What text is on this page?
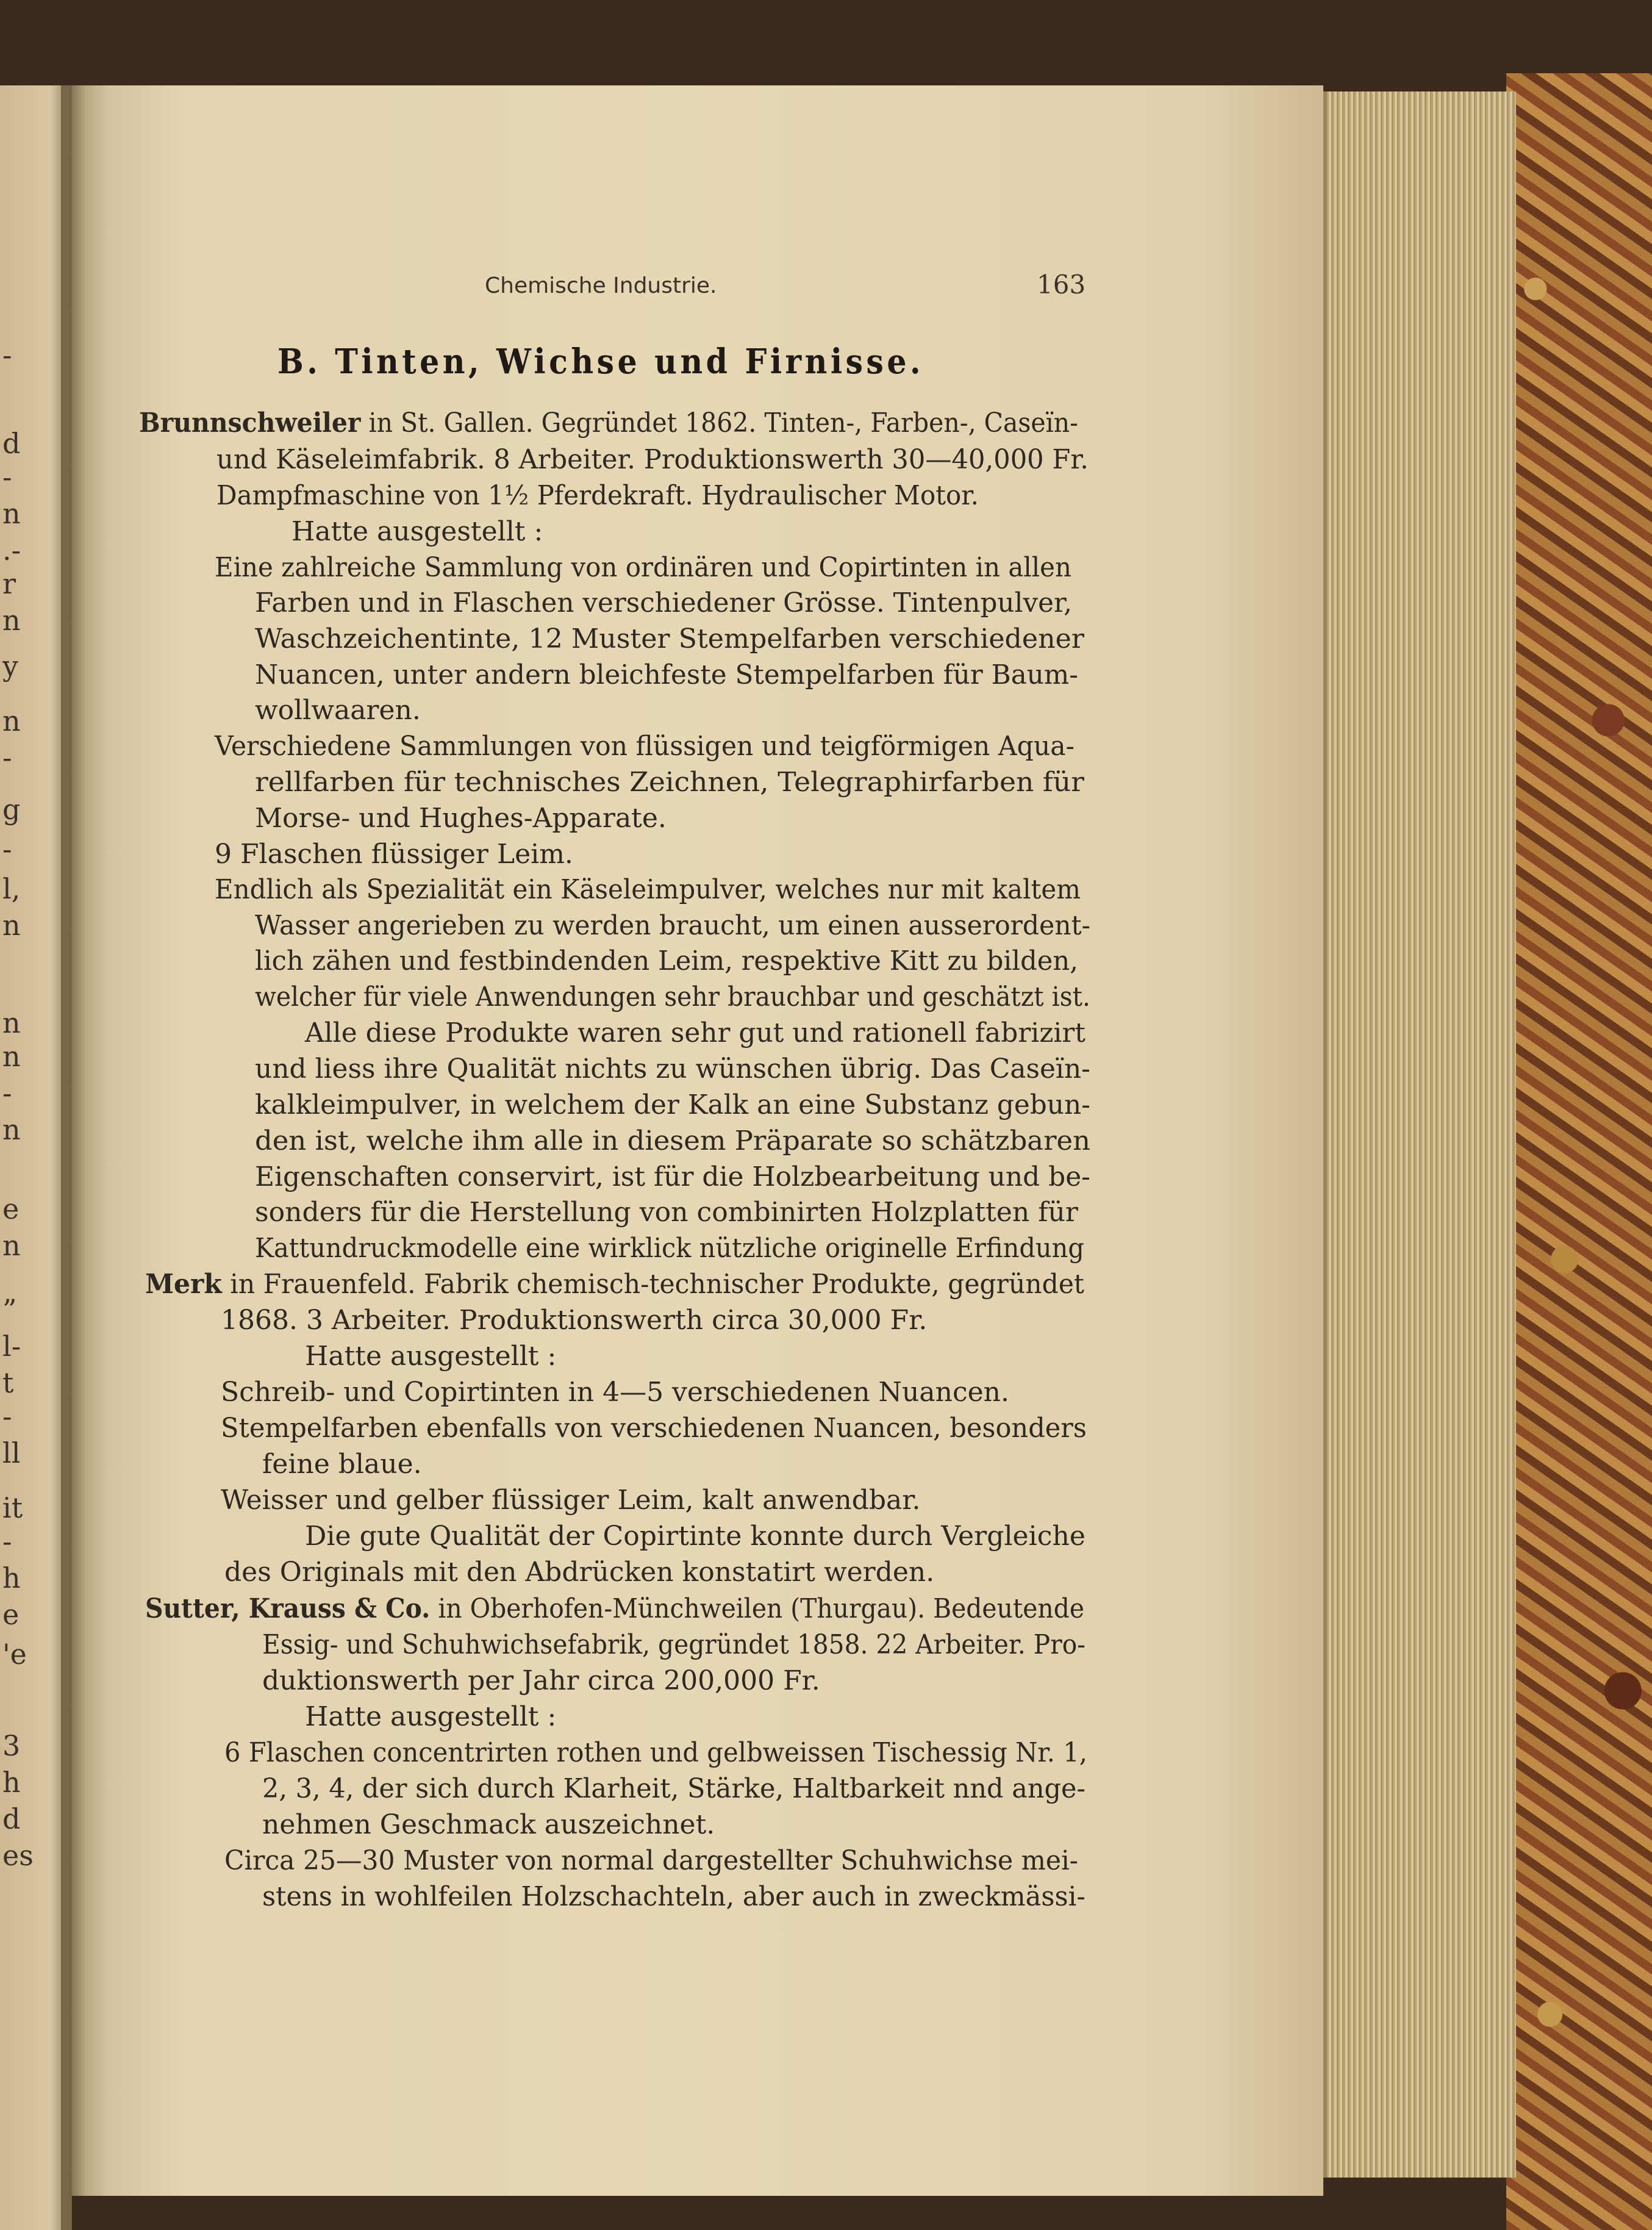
-
d
-
n
.-
r
n
y
n
-
g
-
l,
n
n
n
-
n
e
n
”
l-
t
-
ll
it
-
h
e
'e
3
h
d
es
Chemische Industrie.	163
B. Tinten, Wichse und Firnisse.
Brunnschweiler in St. Gallen. Gegründet 1862. Tinten-, Farben-, Caseïn-
und Käseleimfabrik. 8 Arbeiter. Produktionswerth 30—40,000 Fr.
Dampfmaschine von 1½ Pferdekraft. Hydraulischer Motor.
Hatte ausgestellt :
Eine zahlreiche Sammlung von ordinären und Copirtinten in allen
Farben und in Flaschen verschiedener Grösse. Tintenpulver,
Waschzeichentinte, 12 Muster Stempelfarben verschiedener
Nuancen, unter andern bleichfeste Stempelfarben für Baum-
wollwaaren.
Verschiedene Sammlungen von flüssigen und teigförmigen Aqua-
rellfarben für technisches Zeichnen, Telegraphirfarben für
Morse- und Hughes-Apparate.
9 Flaschen flüssiger Leim.
Endlich als Spezialität ein Käseleimpulver, welches nur mit kaltem
Wasser angerieben zu werden braucht, um einen ausserordent-
lich zähen und festbindenden Leim, respektive Kitt zu bilden,
welcher für viele Anwendungen sehr brauchbar und geschätzt ist.
Alle diese Produkte waren sehr gut und rationell fabrizirt
und liess ihre Qualität nichts zu wünschen übrig. Das Caseïn-
kalkleimpulver, in welchem der Kalk an eine Substanz gebun-
den ist, welche ihm alle in diesem Präparate so schätzbaren
Eigenschaften conservirt, ist für die Holzbearbeitung und be-
sonders für die Herstellung von combinirten Holzplatten für
Kattundruckmodelle eine wirklick nützliche originelle Erfindung
Merk in Frauenfeld. Fabrik chemisch-technischer Produkte, gegründet
1868. 3 Arbeiter. Produktionswerth circa 30,000 Fr.
Hatte ausgestellt :
Schreib- und Copirtinten in 4—5 verschiedenen Nuancen.
Stempelfarben ebenfalls von verschiedenen Nuancen, besonders
feine blaue.
Weisser und gelber flüssiger Leim, kalt anwendbar.
Die gute Qualität der Copirtinte konnte durch Vergleiche
des Originals mit den Abdrücken konstatirt werden.
Sutter, Krauss & Co. in Oberhofen-Münchweilen (Thurgau). Bedeutende
Essig- und Schuhwichsefabrik, gegründet 1858. 22 Arbeiter. Pro-
duktionswerth per Jahr circa 200,000 Fr.
Hatte ausgestellt :
6 Flaschen concentrirten rothen und gelbweissen Tischessig Nr. 1,
2, 3, 4, der sich durch Klarheit, Stärke, Haltbarkeit nnd ange-
nehmen Geschmack auszeichnet.
Circa 25—30 Muster von normal dargestellter Schuhwichse mei-
stens in wohlfeilen Holzschachteln, aber auch in zweckmässi-
